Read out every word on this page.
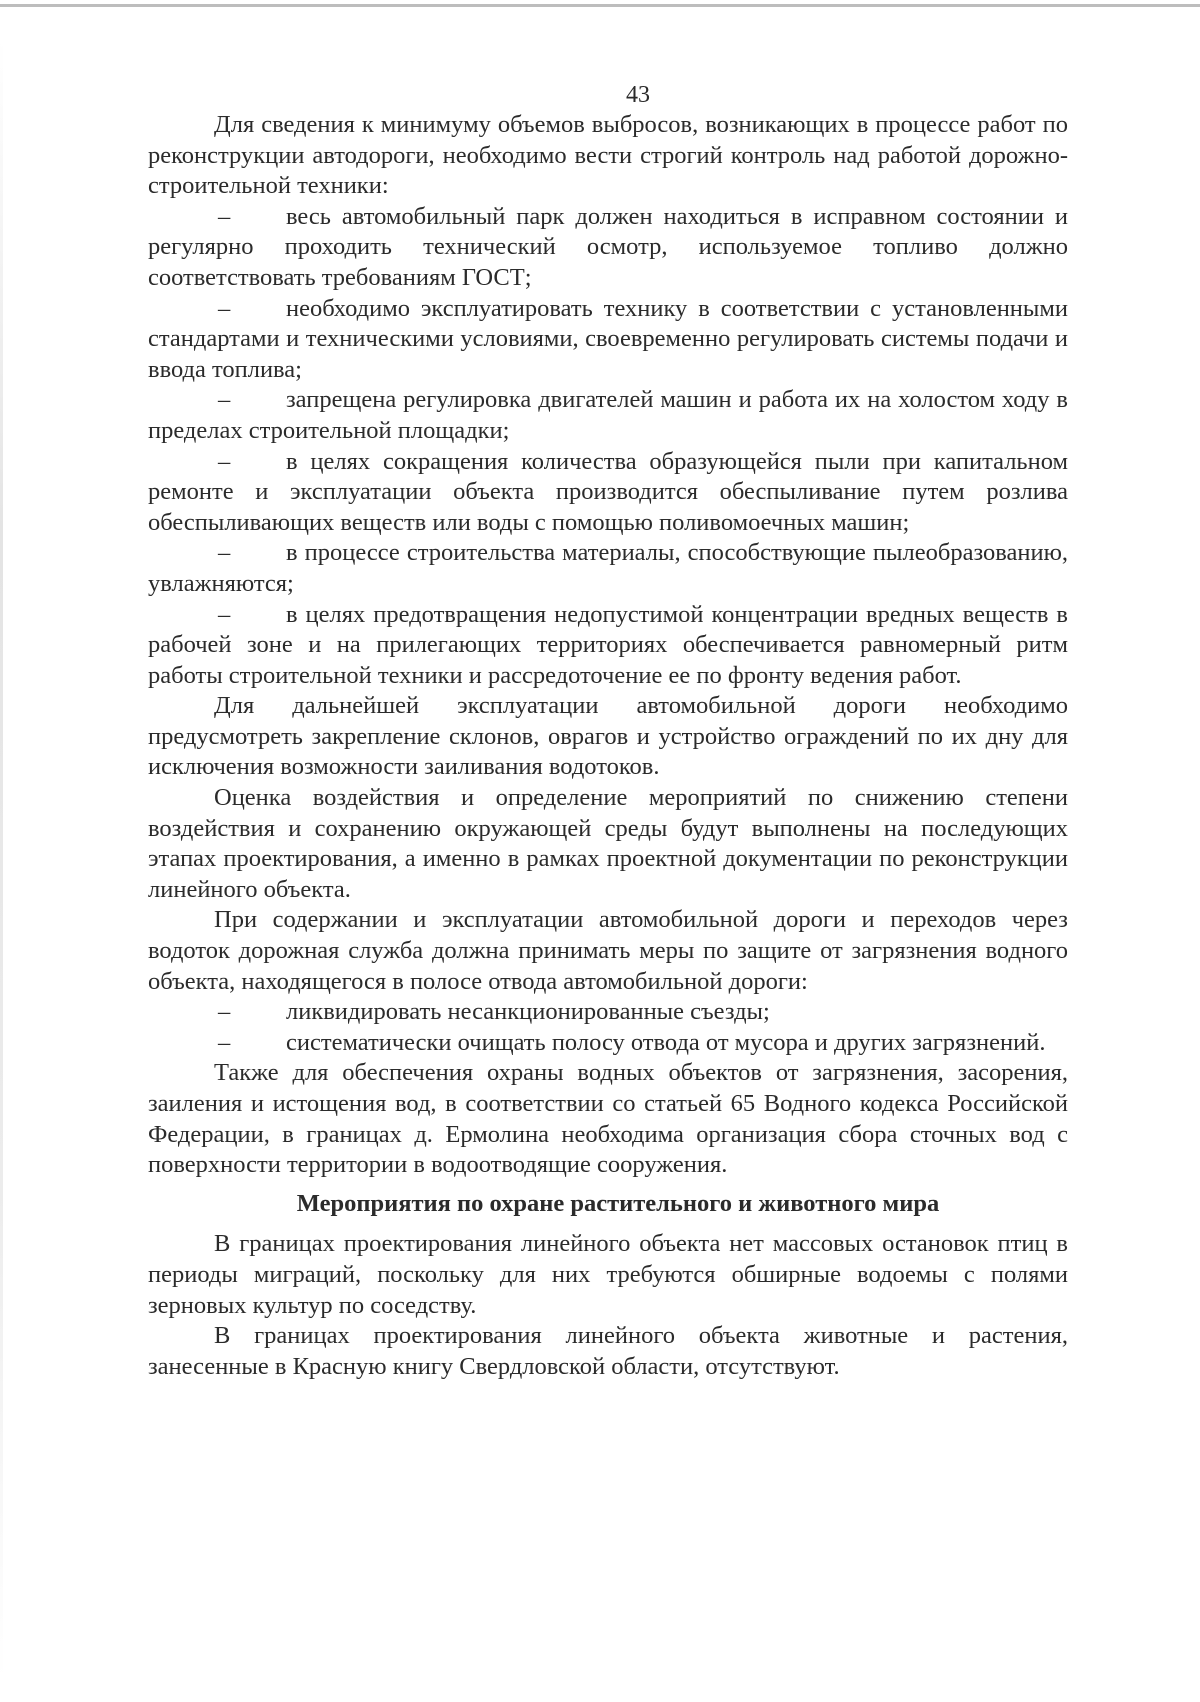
43

Для сведения к минимуму объемов выбросов, возникающих в процессе работ по реконструкции автодороги, необходимо вести строгий контроль над работой дорожно-строительной техники:

– весь автомобильный парк должен находиться в исправном состоянии и регулярно проходить технический осмотр, используемое топливо должно соответствовать требованиям ГОСТ;

– необходимо эксплуатировать технику в соответствии с установленными стандартами и техническими условиями, своевременно регулировать системы подачи и ввода топлива;

– запрещена регулировка двигателей машин и работа их на холостом ходу в пределах строительной площадки;

– в целях сокращения количества образующейся пыли при капитальном ремонте и эксплуатации объекта производится обеспыливание путем розлива обеспыливающих веществ или воды с помощью поливомоечных машин;

– в процессе строительства материалы, способствующие пылеобразованию, увлажняются;

– в целях предотвращения недопустимой концентрации вредных веществ в рабочей зоне и на прилегающих территориях обеспечивается равномерный ритм работы строительной техники и рассредоточение ее по фронту ведения работ.

Для дальнейшей эксплуатации автомобильной дороги необходимо предусмотреть закрепление склонов, оврагов и устройство ограждений по их дну для исключения возможности заиливания водотоков.

Оценка воздействия и определение мероприятий по снижению степени воздействия и сохранению окружающей среды будут выполнены на последующих этапах проектирования, а именно в рамках проектной документации по реконструкции линейного объекта.

При содержании и эксплуатации автомобильной дороги и переходов через водоток дорожная служба должна принимать меры по защите от загрязнения водного объекта, находящегося в полосе отвода автомобильной дороги:

– ликвидировать несанкционированные съезды;

– систематически очищать полосу отвода от мусора и других загрязнений.

Также для обеспечения охраны водных объектов от загрязнения, засорения, заиления и истощения вод, в соответствии со статьей 65 Водного кодекса Российской Федерации, в границах д. Ермолина необходима организация сбора сточных вод с поверхности территории в водоотводящие сооружения.

Мероприятия по охране растительного и животного мира

В границах проектирования линейного объекта нет массовых остановок птиц в периоды миграций, поскольку для них требуются обширные водоемы с полями зерновых культур по соседству.

В границах проектирования линейного объекта животные и растения, занесенные в Красную книгу Свердловской области, отсутствуют.
